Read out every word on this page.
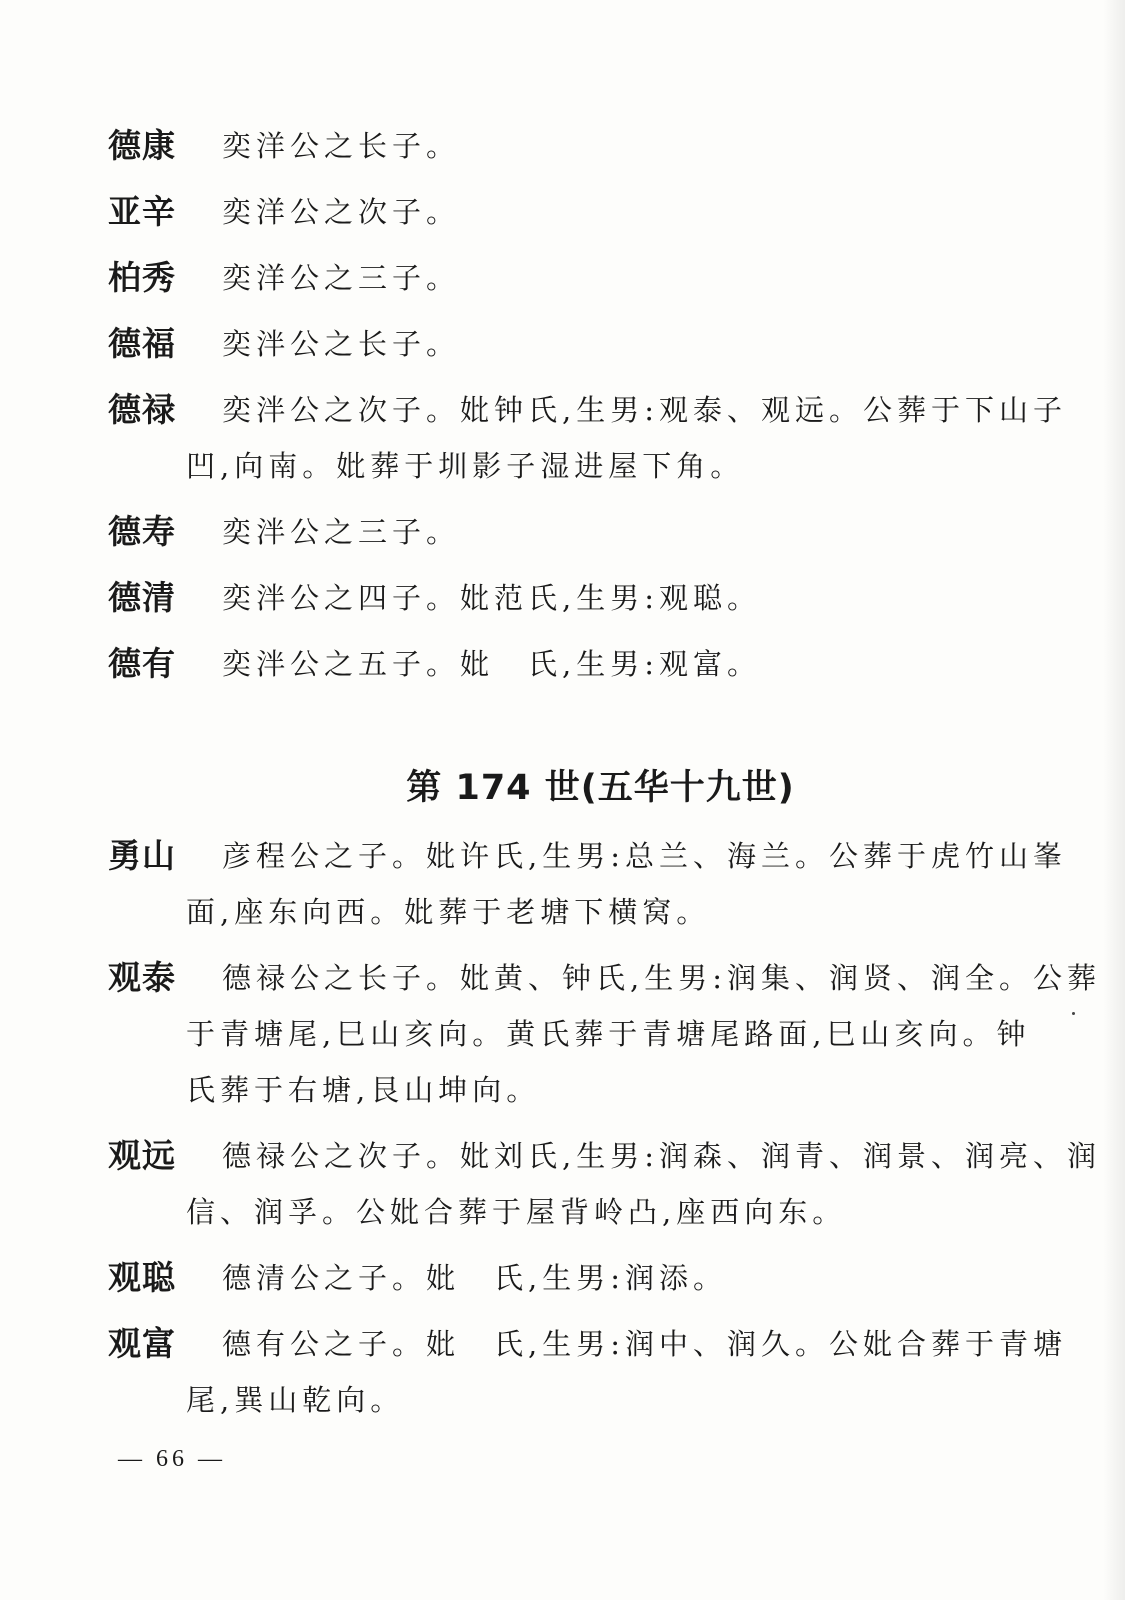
德康	奕洋公之长子。
亚辛	奕洋公之次子。
柏秀	奕洋公之三子。
德福	奕泮公之长子。
德禄	奕泮公之次子。妣钟氏,生男:观泰、观远。公葬于下山子
凹,向南。妣葬于圳影子湿进屋下角。
德寿	奕泮公之三子。
德清	奕泮公之四子。妣范氏,生男:观聪。
德有	奕泮公之五子。妣　氏,生男:观富。
第 174 世(五华十九世)
勇山	彦程公之子。妣许氏,生男:总兰、海兰。公葬于虎竹山峯
面,座东向西。妣葬于老塘下横窝。
观泰	德禄公之长子。妣黄、钟氏,生男:润集、润贤、润全。公葬
于青塘尾,巳山亥向。黄氏葬于青塘尾路面,巳山亥向。钟
氏葬于右塘,艮山坤向。
观远	德禄公之次子。妣刘氏,生男:润森、润青、润景、润亮、润
信、润孚。公妣合葬于屋背岭凸,座西向东。
观聪	德清公之子。妣　氏,生男:润添。
观富	德有公之子。妣　氏,生男:润中、润久。公妣合葬于青塘
尾,巽山乾向。
— 66 —
